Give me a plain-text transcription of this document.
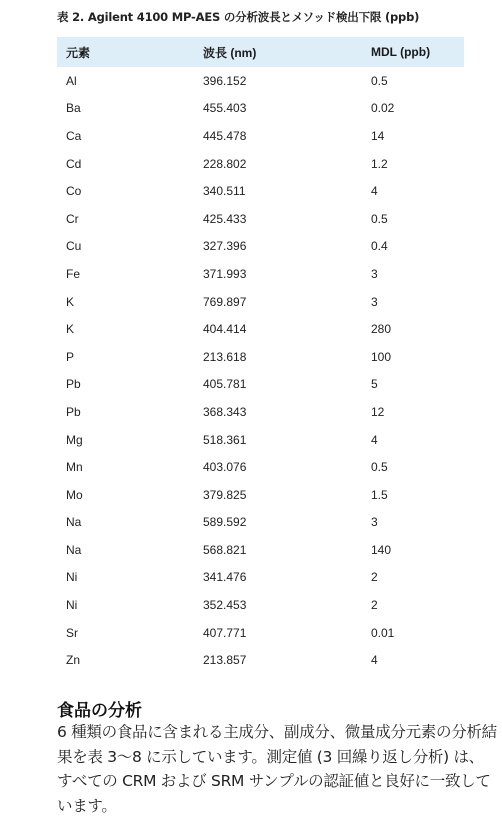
表 2. Agilent 4100 MP-AES の分析波長とメソッド検出下限 (ppb)
元素	波長 (nm)	MDL (ppb)
Al	396.152	0.5
Ba	455.403	0.02
Ca	445.478	14
Cd	228.802	1.2
Co	340.511	4
Cr	425.433	0.5
Cu	327.396	0.4
Fe	371.993	3
K	769.897	3
K	404.414	280
P	213.618	100
Pb	405.781	5
Pb	368.343	12
Mg	518.361	4
Mn	403.076	0.5
Mo	379.825	1.5
Na	589.592	3
Na	568.821	140
Ni	341.476	2
Ni	352.453	2
Sr	407.771	0.01
Zn	213.857	4
食品の分析
6 種類の食品に含まれる主成分、副成分、微量成分元素の分析結果を表 3～8 に示しています。測定値 (3 回繰り返し分析) は、すべての CRM および SRM サンプルの認証値と良好に一致しています。
